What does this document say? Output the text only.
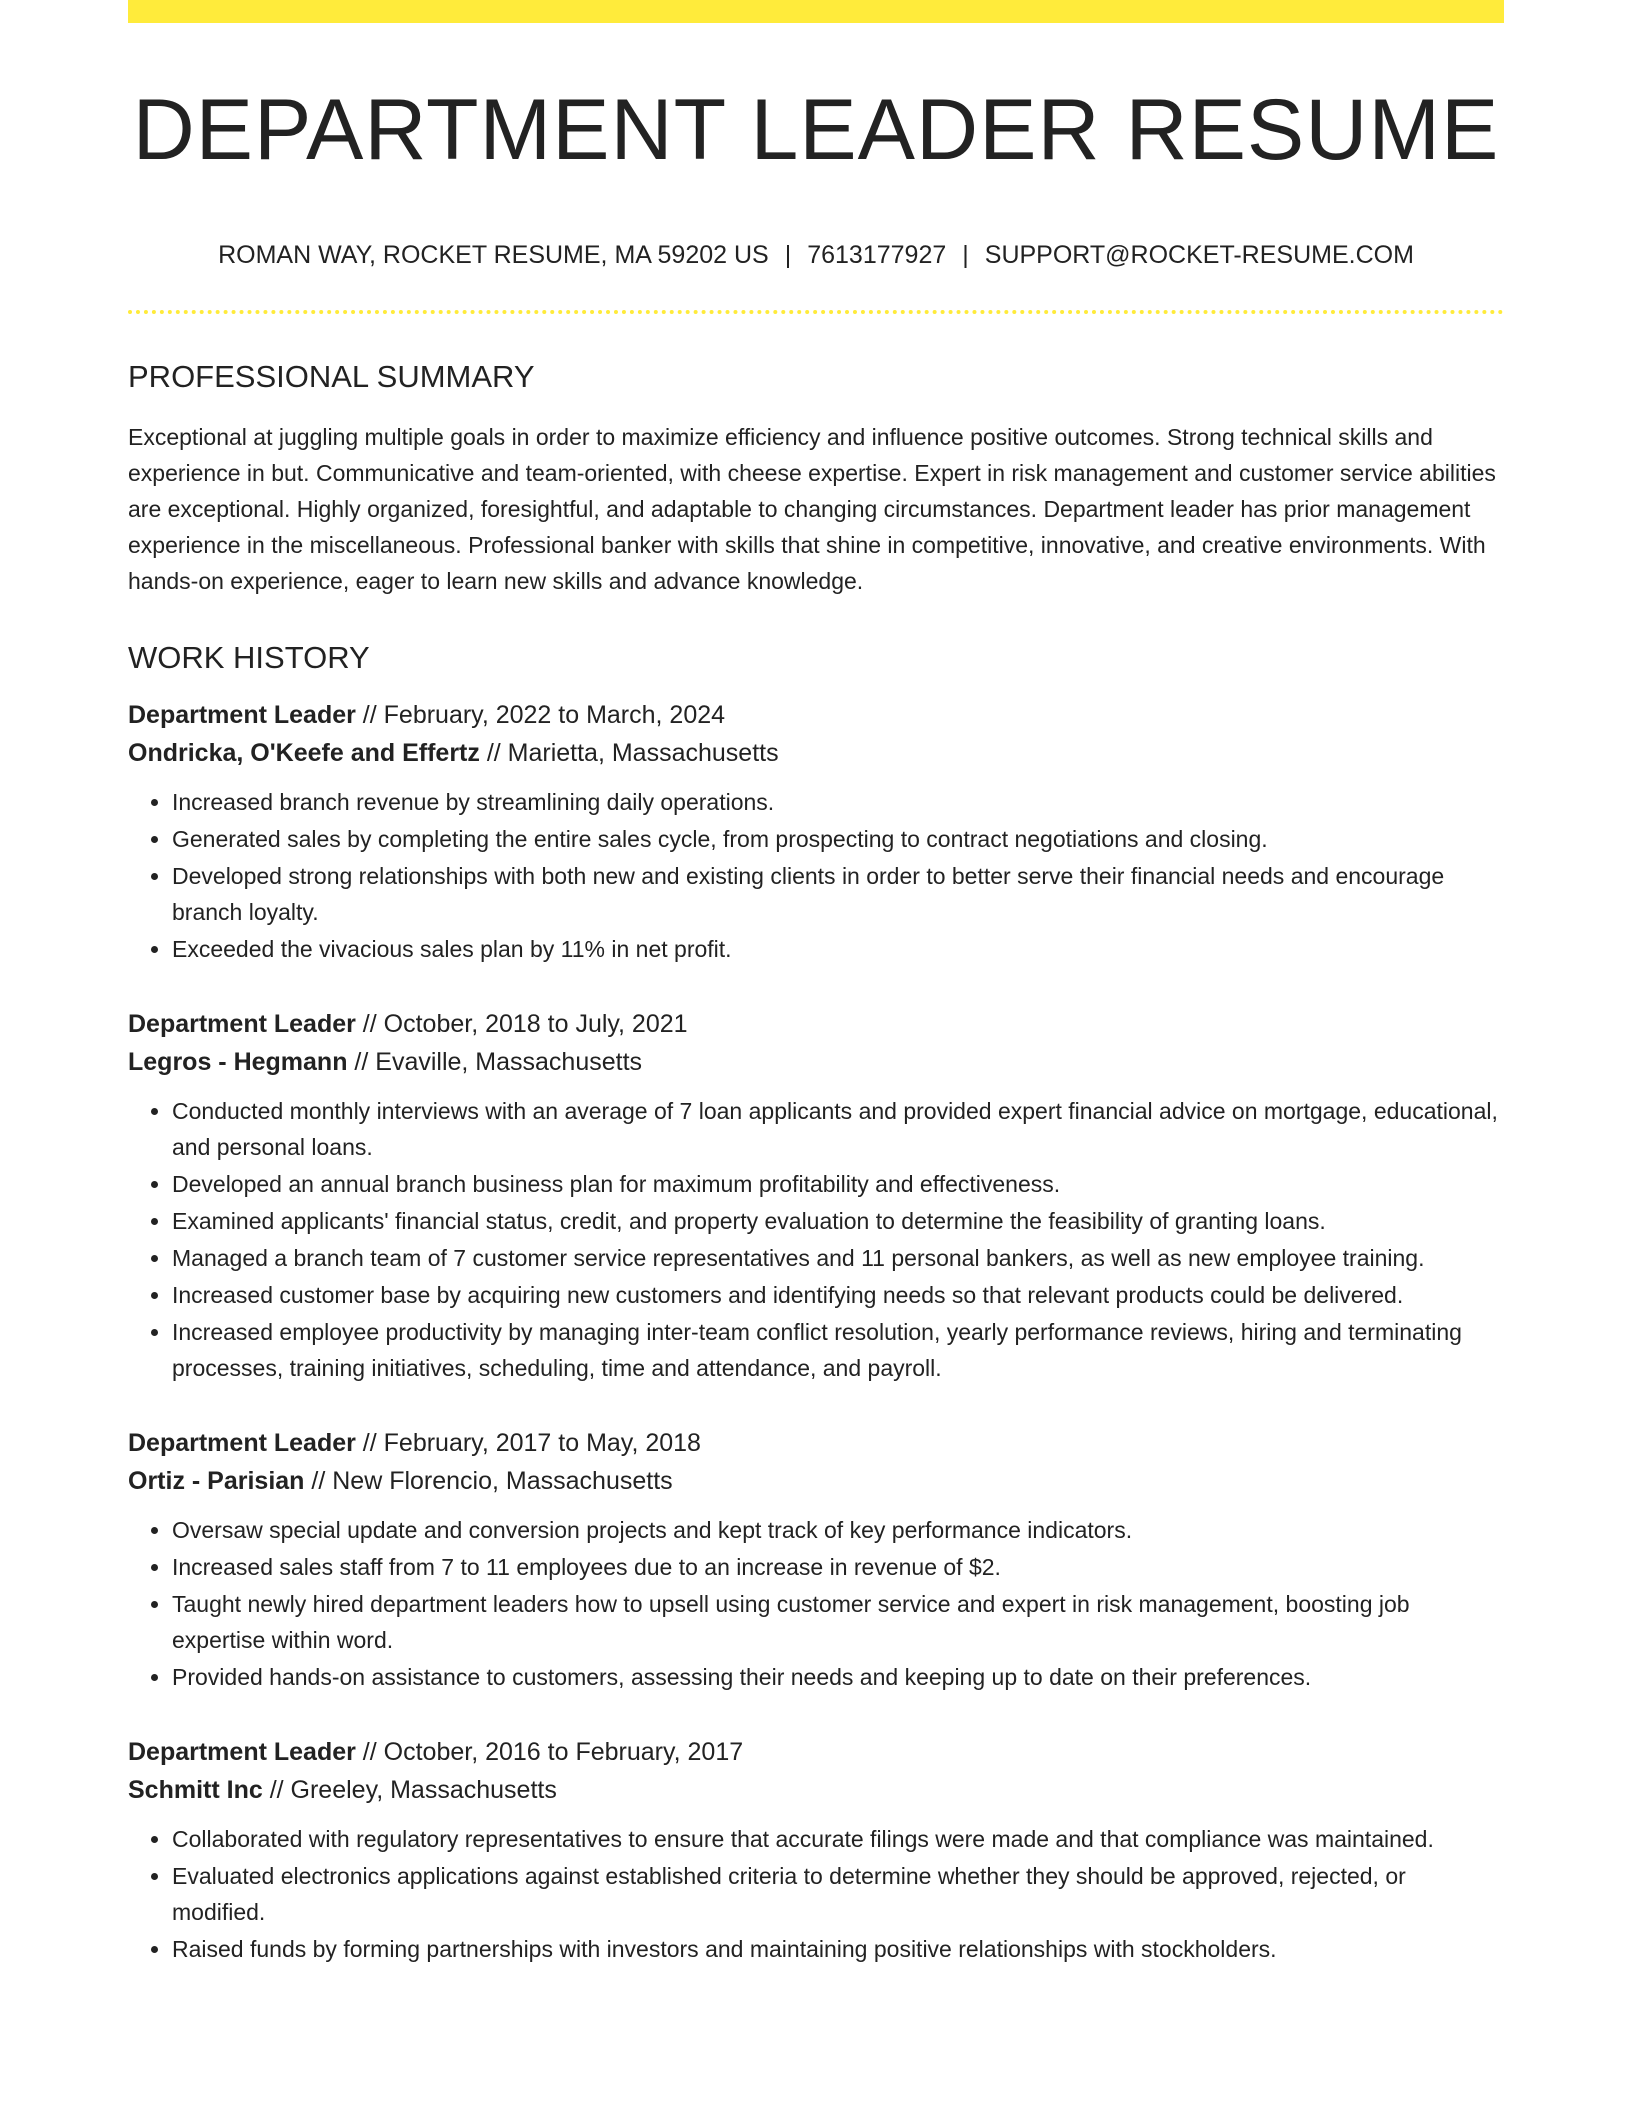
DEPARTMENT LEADER RESUME
ROMAN WAY, ROCKET RESUME, MA 59202 US | 7613177927 | SUPPORT@ROCKET-RESUME.COM
PROFESSIONAL SUMMARY

Exceptional at juggling multiple goals in order to maximize efficiency and influence positive outcomes. Strong technical skills and experience in but. Communicative and team-oriented, with cheese expertise. Expert in risk management and customer service abilities are exceptional. Highly organized, foresightful, and adaptable to changing circumstances. Department leader has prior management experience in the miscellaneous. Professional banker with skills that shine in competitive, innovative, and creative environments. With hands-on experience, eager to learn new skills and advance knowledge.

WORK HISTORY
Department Leader // February, 2022 to March, 2024
Ondricka, O'Keefe and Effertz // Marietta, Massachusetts
• Increased branch revenue by streamlining daily operations.
• Generated sales by completing the entire sales cycle, from prospecting to contract negotiations and closing.
• Developed strong relationships with both new and existing clients in order to better serve their financial needs and encourage branch loyalty.
• Exceeded the vivacious sales plan by 11% in net profit.
Department Leader // October, 2018 to July, 2021
Legros - Hegmann // Evaville, Massachusetts
• Conducted monthly interviews with an average of 7 loan applicants and provided expert financial advice on mortgage, educational, and personal loans.
• Developed an annual branch business plan for maximum profitability and effectiveness.
• Examined applicants' financial status, credit, and property evaluation to determine the feasibility of granting loans.
• Managed a branch team of 7 customer service representatives and 11 personal bankers, as well as new employee training.
• Increased customer base by acquiring new customers and identifying needs so that relevant products could be delivered.
• Increased employee productivity by managing inter-team conflict resolution, yearly performance reviews, hiring and terminating processes, training initiatives, scheduling, time and attendance, and payroll.
Department Leader // February, 2017 to May, 2018
Ortiz - Parisian // New Florencio, Massachusetts
• Oversaw special update and conversion projects and kept track of key performance indicators.
• Increased sales staff from 7 to 11 employees due to an increase in revenue of $2.
• Taught newly hired department leaders how to upsell using customer service and expert in risk management, boosting job expertise within word.
• Provided hands-on assistance to customers, assessing their needs and keeping up to date on their preferences.
Department Leader // October, 2016 to February, 2017
Schmitt Inc // Greeley, Massachusetts
• Collaborated with regulatory representatives to ensure that accurate filings were made and that compliance was maintained.
• Evaluated electronics applications against established criteria to determine whether they should be approved, rejected, or modified.
• Raised funds by forming partnerships with investors and maintaining positive relationships with stockholders.
